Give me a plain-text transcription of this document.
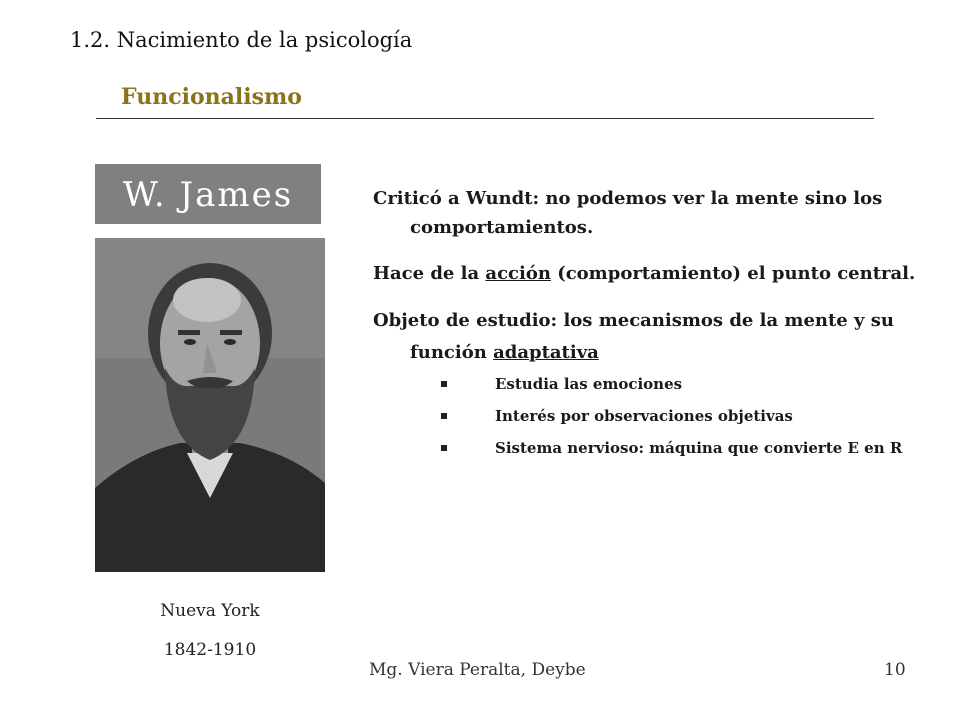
1.2. Nacimiento de la psicología
Funcionalismo
W. James
Nueva York
1842-1910

Criticó a Wundt: no podemos ver la mente sino los comportamientos.

Hace de la acción (comportamiento) el punto central.

Objeto de estudio: los mecanismos de la mente y su función adaptativa

Estudia las emociones
Interés por observaciones objetivas
Sistema nervioso: máquina que convierte E en R
Mg. Viera Peralta, Deybe	10
